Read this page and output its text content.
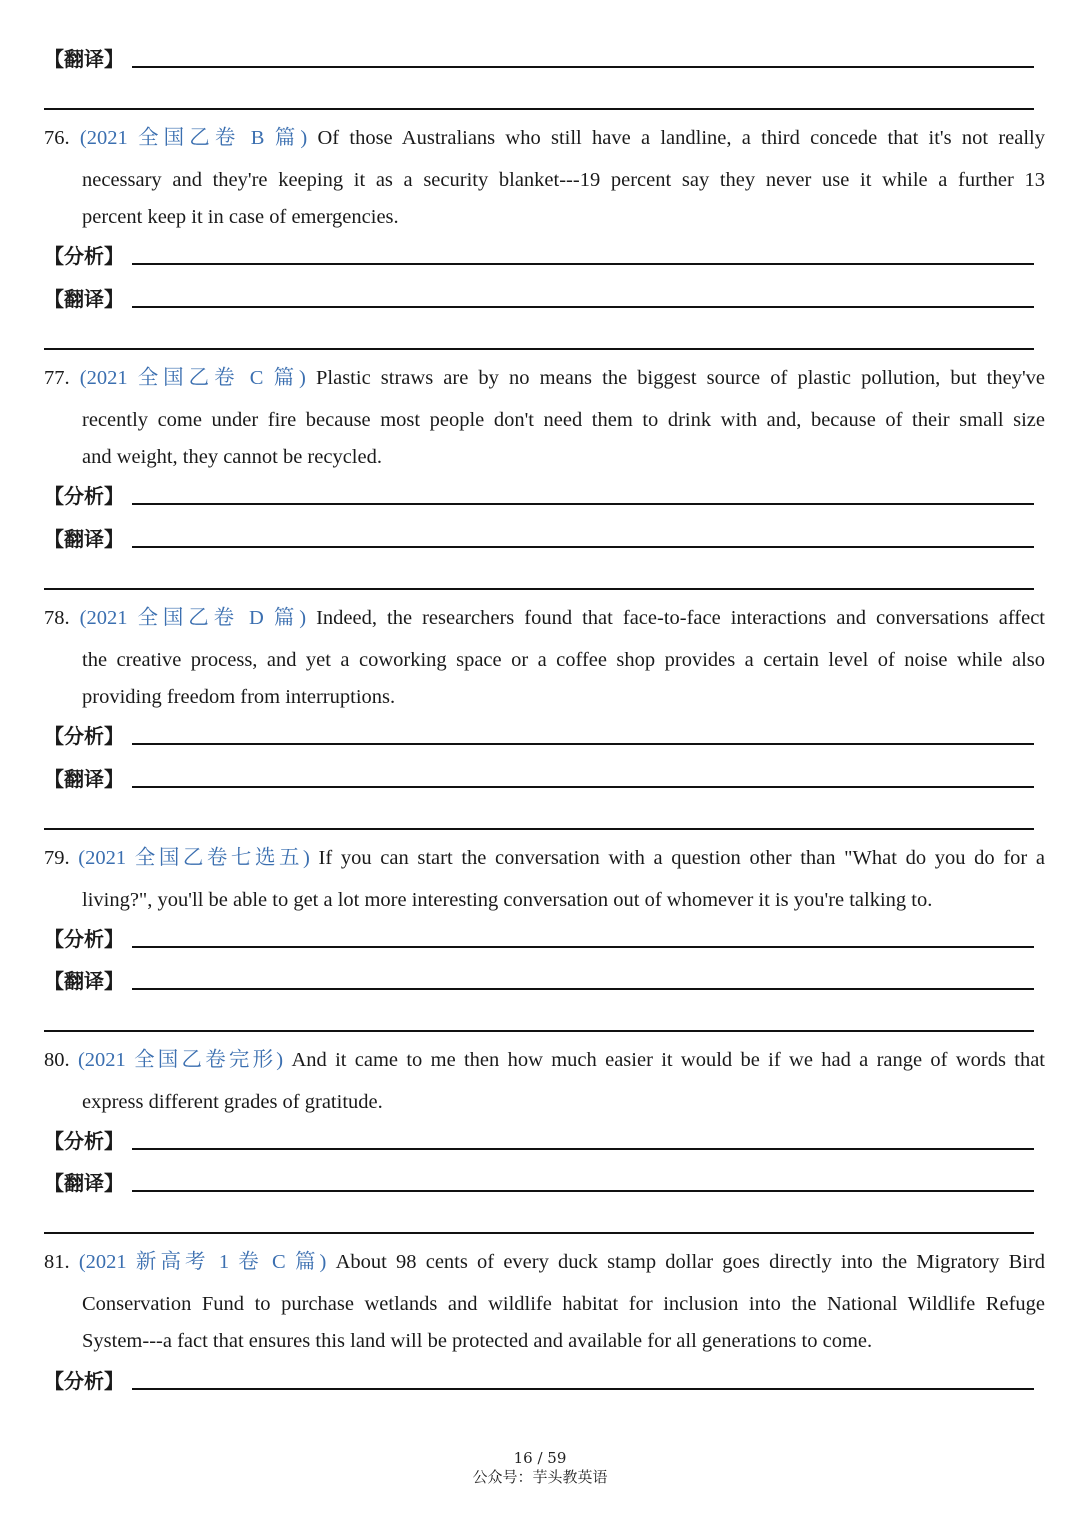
【翻译】
76. (2021 全国乙卷 B 篇) Of those Australians who still have a landline, a third concede that it's not really
necessary and they're keeping it as a security blanket---19 percent say they never use it while a further 13
percent keep it in case of emergencies.
【分析】
【翻译】
77. (2021 全国乙卷 C 篇) Plastic straws are by no means the biggest source of plastic pollution, but they've
recently come under fire because most people don't need them to drink with and, because of their small size
and weight, they cannot be recycled.
【分析】
【翻译】
78. (2021 全国乙卷 D 篇) Indeed, the researchers found that face-to-face interactions and conversations affect
the creative process, and yet a coworking space or a coffee shop provides a certain level of noise while also
providing freedom from interruptions.
【分析】
【翻译】
79. (2021 全国乙卷七选五) If you can start the conversation with a question other than "What do you do for a
living?", you'll be able to get a lot more interesting conversation out of whomever it is you're talking to.
【分析】
【翻译】
80. (2021 全国乙卷完形) And it came to me then how much easier it would be if we had a range of words that
express different grades of gratitude.
【分析】
【翻译】
81. (2021 新高考 1 卷 C 篇) About 98 cents of every duck stamp dollar goes directly into the Migratory Bird
Conservation Fund to purchase wetlands and wildlife habitat for inclusion into the National Wildlife Refuge
System---a fact that ensures this land will be protected and available for all generations to come.
【分析】
16 / 59
公众号：芋头教英语
